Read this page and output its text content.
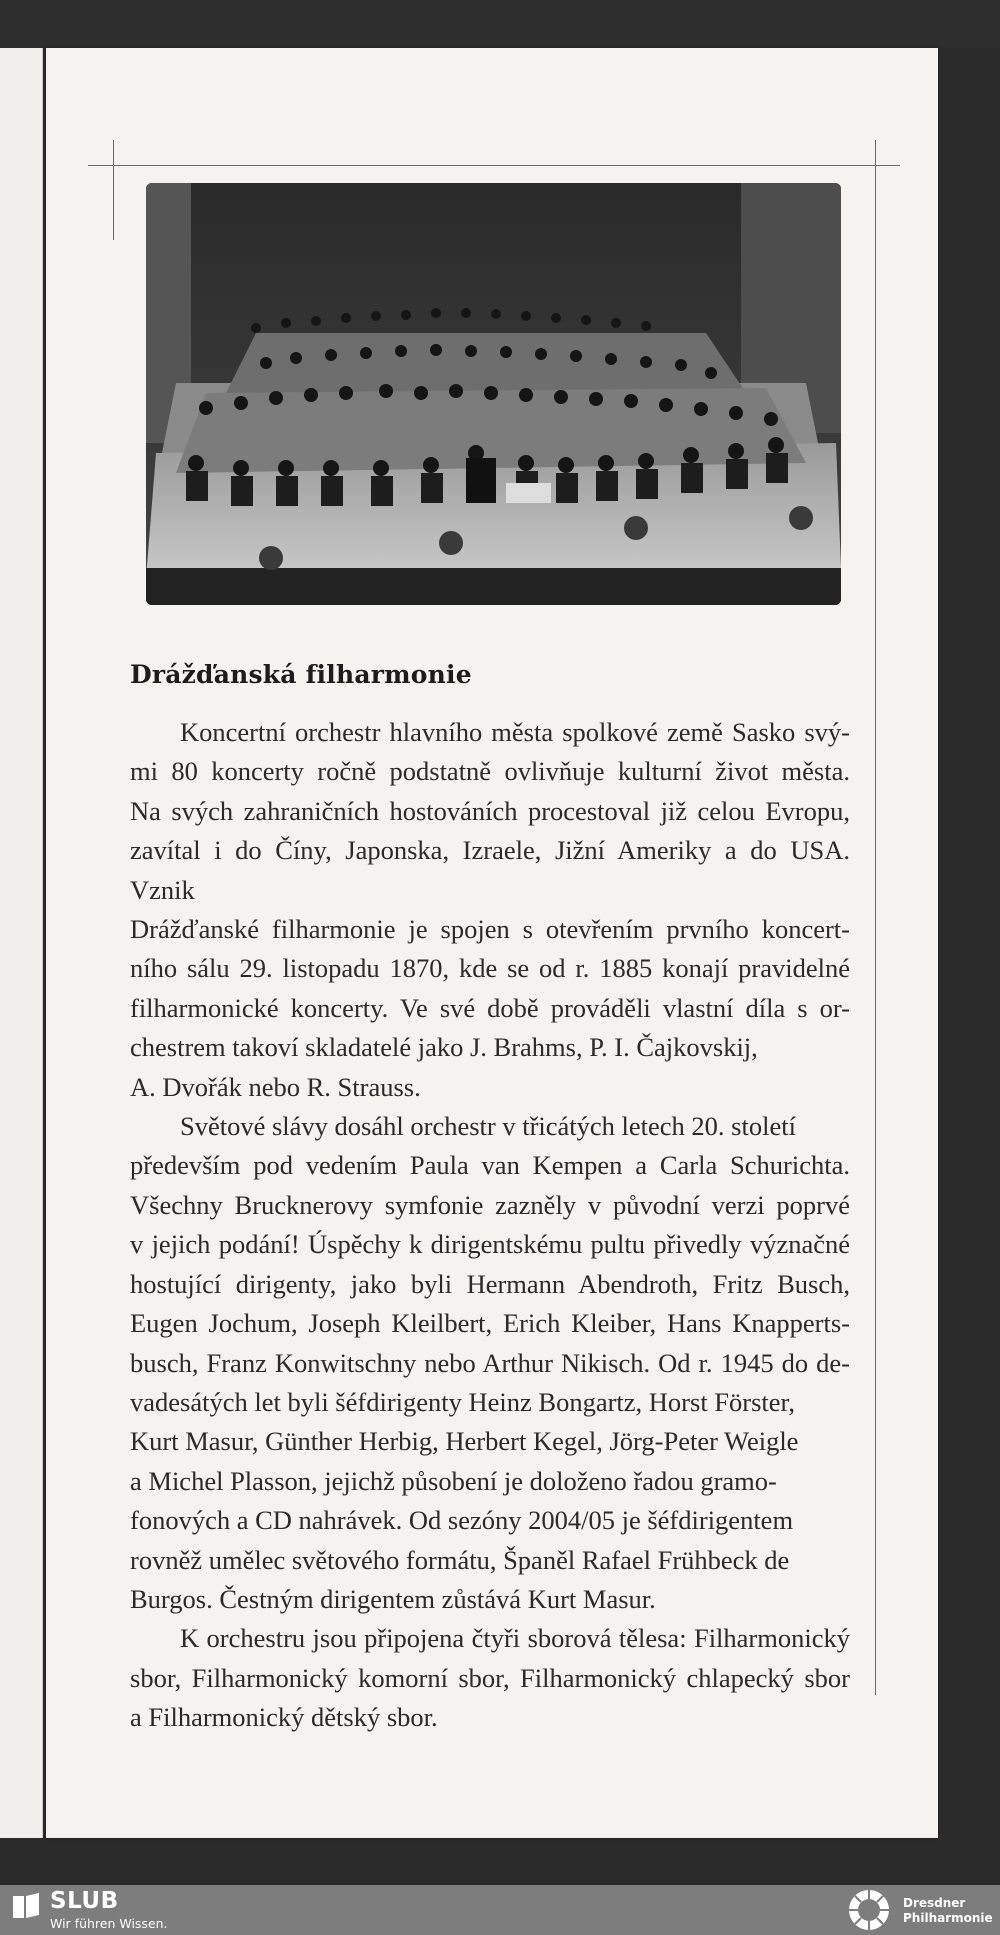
Drážďanská filharmonie
Koncertní orchestr hlavního města spolkové země Sasko svý-
mi 80 koncerty ročně podstatně ovlivňuje kulturní život města.
Na svých zahraničních hostováních procestoval již celou Evropu,
zavítal i do Číny, Japonska, Izraele, Jižní Ameriky a do USA. Vznik
Drážďanské filharmonie je spojen s otevřením prvního koncert-
ního sálu 29. listopadu 1870, kde se od r. 1885 konají pravidelné
filharmonické koncerty. Ve své době prováděli vlastní díla s or-
chestrem takoví skladatelé jako J. Brahms, P. I. Čajkovskij,
A. Dvořák nebo R. Strauss.
Světové slávy dosáhl orchestr v třicátých letech 20. století
především pod vedením Paula van Kempen a Carla Schurichta.
Všechny Brucknerovy symfonie zazněly v původní verzi poprvé
v jejich podání! Úspěchy k dirigentskému pultu přivedly význačné
hostující dirigenty, jako byli Hermann Abendroth, Fritz Busch,
Eugen Jochum, Joseph Kleilbert, Erich Kleiber, Hans Knapperts-
busch, Franz Konwitschny nebo Arthur Nikisch. Od r. 1945 do de-
vadesátých let byli šéfdirigenty Heinz Bongartz, Horst Förster,
Kurt Masur, Günther Herbig, Herbert Kegel, Jörg-Peter Weigle
a Michel Plasson, jejichž působení je doloženo řadou gramo-
fonových a CD nahrávek. Od sezóny 2004/05 je šéfdirigentem
rovněž umělec světového formátu, Španěl Rafael Frühbeck de
Burgos. Čestným dirigentem zůstává Kurt Masur.
K orchestru jsou připojena čtyři sborová tělesa: Filharmonický
sbor, Filharmonický komorní sbor, Filharmonický chlapecký sbor
a Filharmonický dětský sbor.
SLUB
Wir führen Wissen.
Dresdner
Philharmonie
